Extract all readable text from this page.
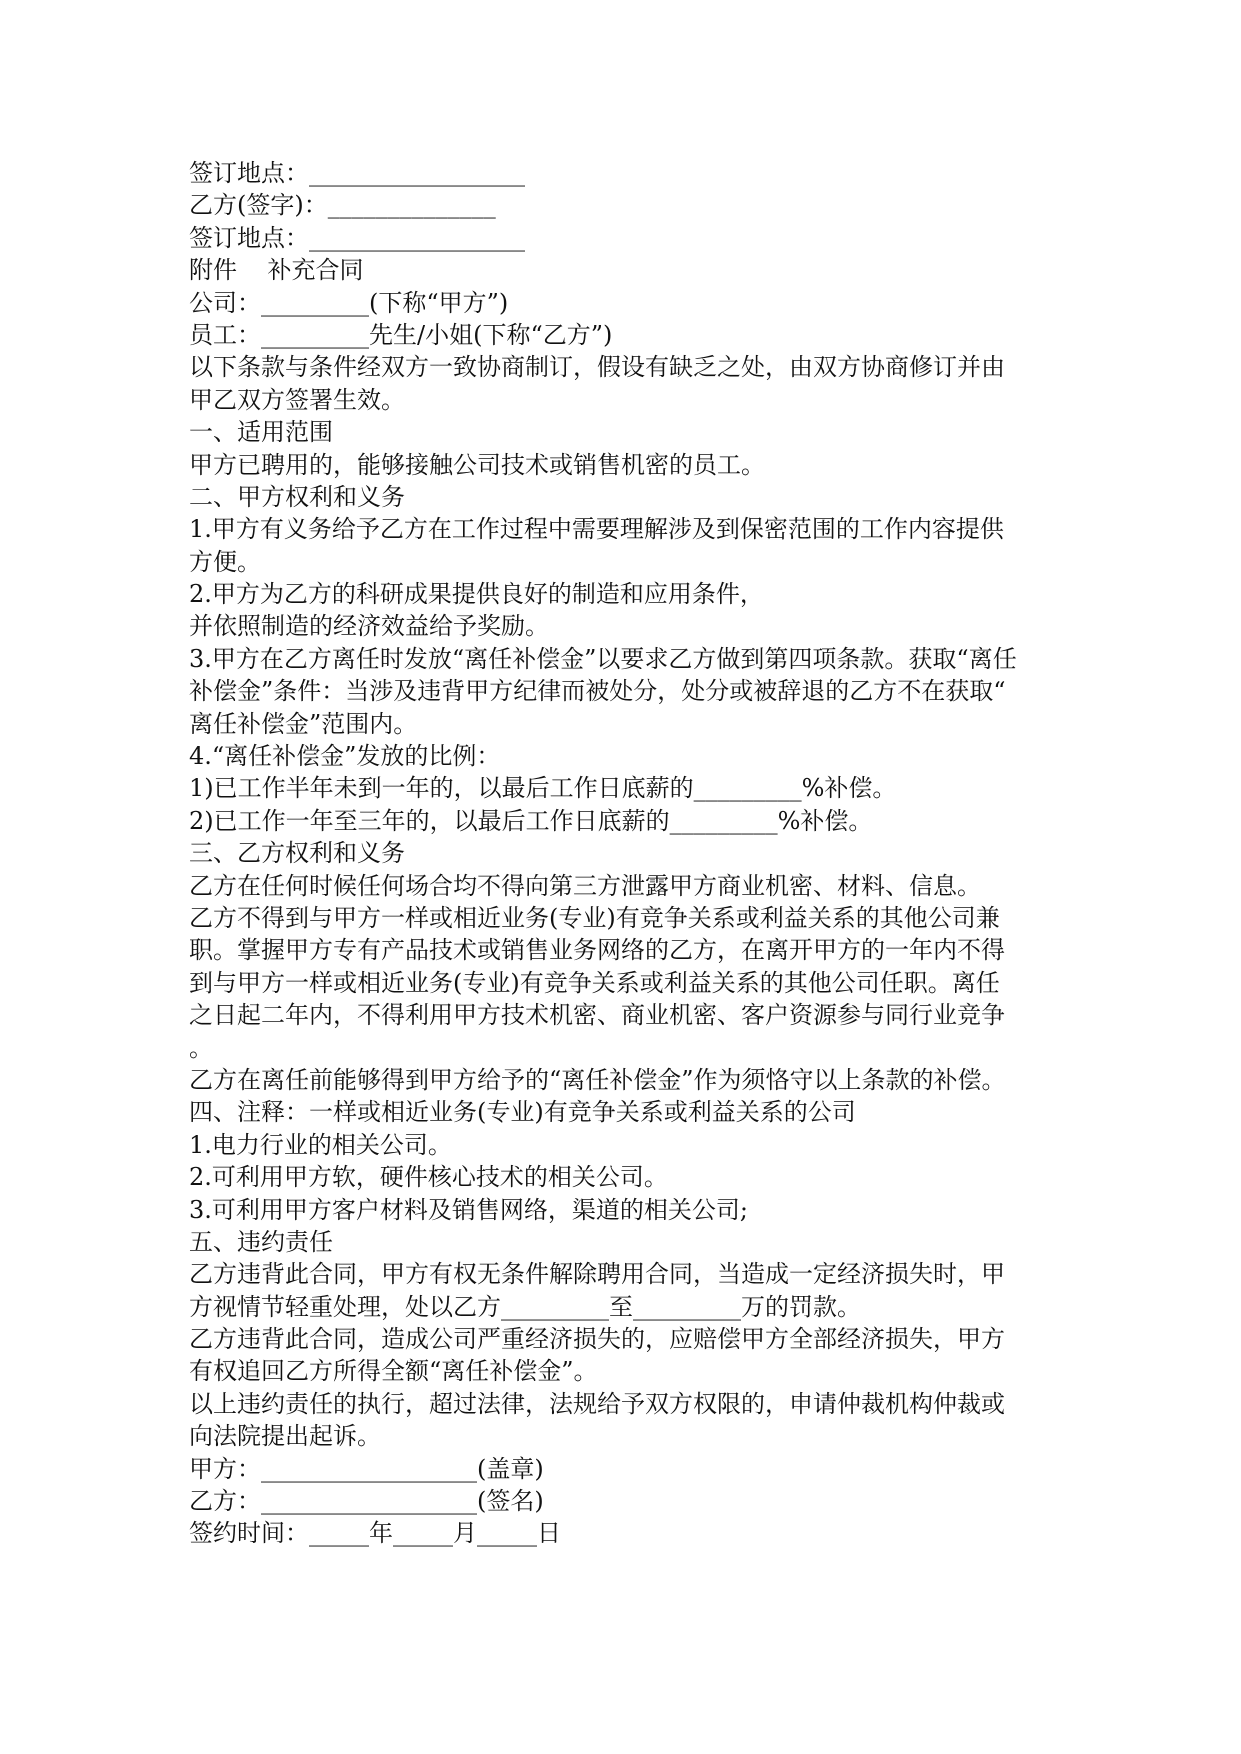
签订地点：__________________
乙方(签字)：______________
签订地点：__________________
附件    补充合同
公司：_________(下称“甲方”)
员工：_________先生/小姐(下称“乙方”)
以下条款与条件经双方一致协商制订，假设有缺乏之处，由双方协商修订并由
甲乙双方签署生效。
一、适用范围
甲方已聘用的，能够接触公司技术或销售机密的员工。
二、甲方权利和义务
1.甲方有义务给予乙方在工作过程中需要理解涉及到保密范围的工作内容提供
方便。
2.甲方为乙方的科研成果提供良好的制造和应用条件，
并依照制造的经济效益给予奖励。
3.甲方在乙方离任时发放“离任补偿金”以要求乙方做到第四项条款。获取“离任
补偿金”条件：当涉及违背甲方纪律而被处分，处分或被辞退的乙方不在获取“
离任补偿金”范围内。
4.“离任补偿金”发放的比例：
1)已工作半年未到一年的，以最后工作日底薪的_________%补偿。
2)已工作一年至三年的，以最后工作日底薪的_________%补偿。
三、乙方权利和义务
乙方在任何时候任何场合均不得向第三方泄露甲方商业机密、材料、信息。
乙方不得到与甲方一样或相近业务(专业)有竞争关系或利益关系的其他公司兼
职。掌握甲方专有产品技术或销售业务网络的乙方，在离开甲方的一年内不得
到与甲方一样或相近业务(专业)有竞争关系或利益关系的其他公司任职。离任
之日起二年内，不得利用甲方技术机密、商业机密、客户资源参与同行业竞争
。
乙方在离任前能够得到甲方给予的“离任补偿金”作为须恪守以上条款的补偿。
四、注释：一样或相近业务(专业)有竞争关系或利益关系的公司
1.电力行业的相关公司。
2.可利用甲方软，硬件核心技术的相关公司。
3.可利用甲方客户材料及销售网络，渠道的相关公司;
五、违约责任
乙方违背此合同，甲方有权无条件解除聘用合同，当造成一定经济损失时，甲
方视情节轻重处理，处以乙方_________至_________万的罚款。
乙方违背此合同，造成公司严重经济损失的，应赔偿甲方全部经济损失，甲方
有权追回乙方所得全额“离任补偿金”。
以上违约责任的执行，超过法律，法规给予双方权限的，申请仲裁机构仲裁或
向法院提出起诉。
甲方：__________________(盖章)
乙方：__________________(签名)
签约时间：_____年_____月_____日
